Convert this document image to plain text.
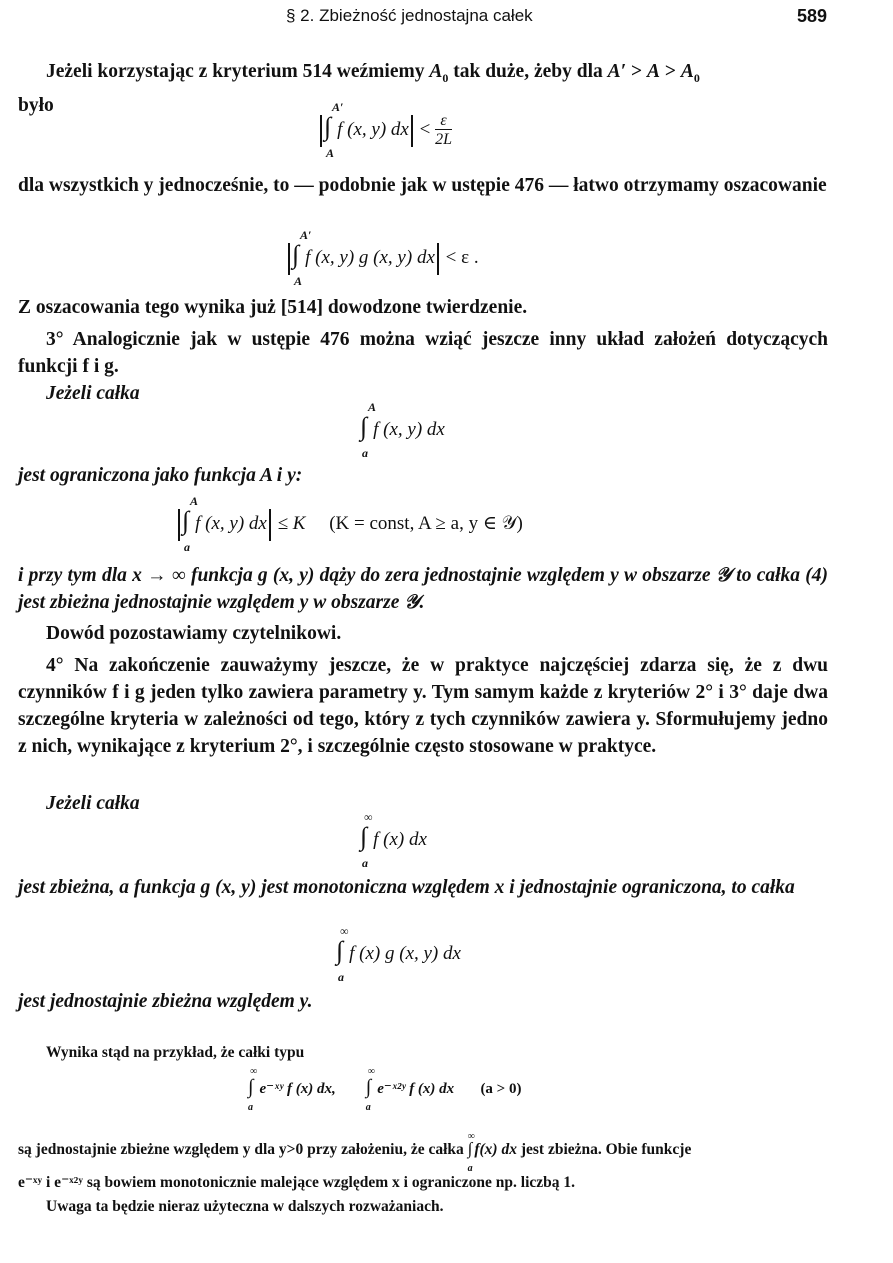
§ 2. Zbieżność jednostajna całek	589
Jeżeli korzystając z kryterium 514 weźmiemy $A_0$ tak duże, żeby dla $A' > A > A_0$
było
∫
A′
A
f (x, y) dx < $\frac{\varepsilon}{2L}$
dla wszystkich y jednocześnie, to — podobnie jak w ustępie 476 — łatwo otrzymamy oszacowanie
∫
A′
A
f (x, y) g (x, y) dx < ε .
Z oszacowania tego wynika już [514] dowodzone twierdzenie.
3° Analogicznie jak w ustępie 476 można wziąć jeszcze inny układ założeń dotyczących funkcji f i g.
Jeżeli całka
∫
A
a
f (x, y) dx
jest ograniczona jako funkcja A i y:
∫
A
a
f (x, y) dx ≤ K (K = const, A ≥ a, y ∈ 𝒴)
i przy tym dla x → ∞ funkcja g (x, y) dąży do zera jednostajnie względem y w obszarze 𝒴 to całka (4) jest zbieżna jednostajnie względem y w obszarze 𝒴.
Dowód pozostawiamy czytelnikowi.
4° Na zakończenie zauważymy jeszcze, że w praktyce najczęściej zdarza się, że z dwu czynników f i g jeden tylko zawiera parametry y. Tym samym każde z kryteriów 2° i 3° daje dwa szczególne kryteria w zależności od tego, który z tych czynników zawiera y. Sformułujemy jedno z nich, wynikające z kryterium 2°, i szczególnie często stosowane w praktyce.
Jeżeli całka
∫
∞
a
f (x) dx
jest zbieżna, a funkcja g (x, y) jest monotoniczna względem x i jednostajnie ograniczona, to całka
∫
∞
a
f (x) g (x, y) dx
jest jednostajnie zbieżna względem y.
Wynika stąd na przykład, że całki typu
∫
∞
a
e⁻ˣʸ f (x) dx, ∫
∞
a
e⁻ˣ²ʸ f (x) dx (a > 0)
są jednostajnie zbieżne względem y dla y>0 przy założeniu, że całka ∫
∞
a
f(x) dx jest zbieżna. Obie funkcje
e⁻ˣʸ i e⁻ˣ²ʸ są bowiem monotonicznie malejące względem x i ograniczone np. liczbą 1.
Uwaga ta będzie nieraz użyteczna w dalszych rozważaniach.
